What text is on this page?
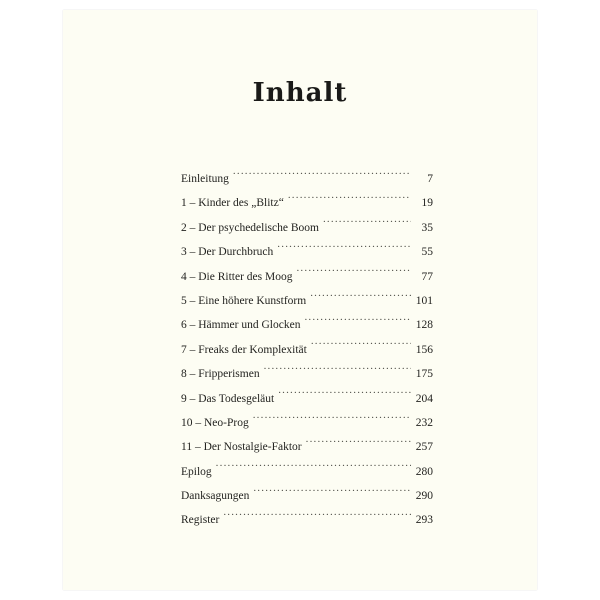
Inhalt
Einleitung .....	7
1 – Kinder des „Blitz“ .....	19
2 – Der psychedelische Boom .....	35
3 – Der Durchbruch .....	55
4 – Die Ritter des Moog .....	77
5 – Eine höhere Kunstform .....	101
6 – Hämmer und Glocken .....	128
7 – Freaks der Komplexität .....	156
8 – Fripperismen .....	175
9 – Das Todesgeläut .....	204
10 – Neo-Prog .....	232
11 – Der Nostalgie-Faktor .....	257
Epilog .....	280
Danksagungen .....	290
Register .....	293
